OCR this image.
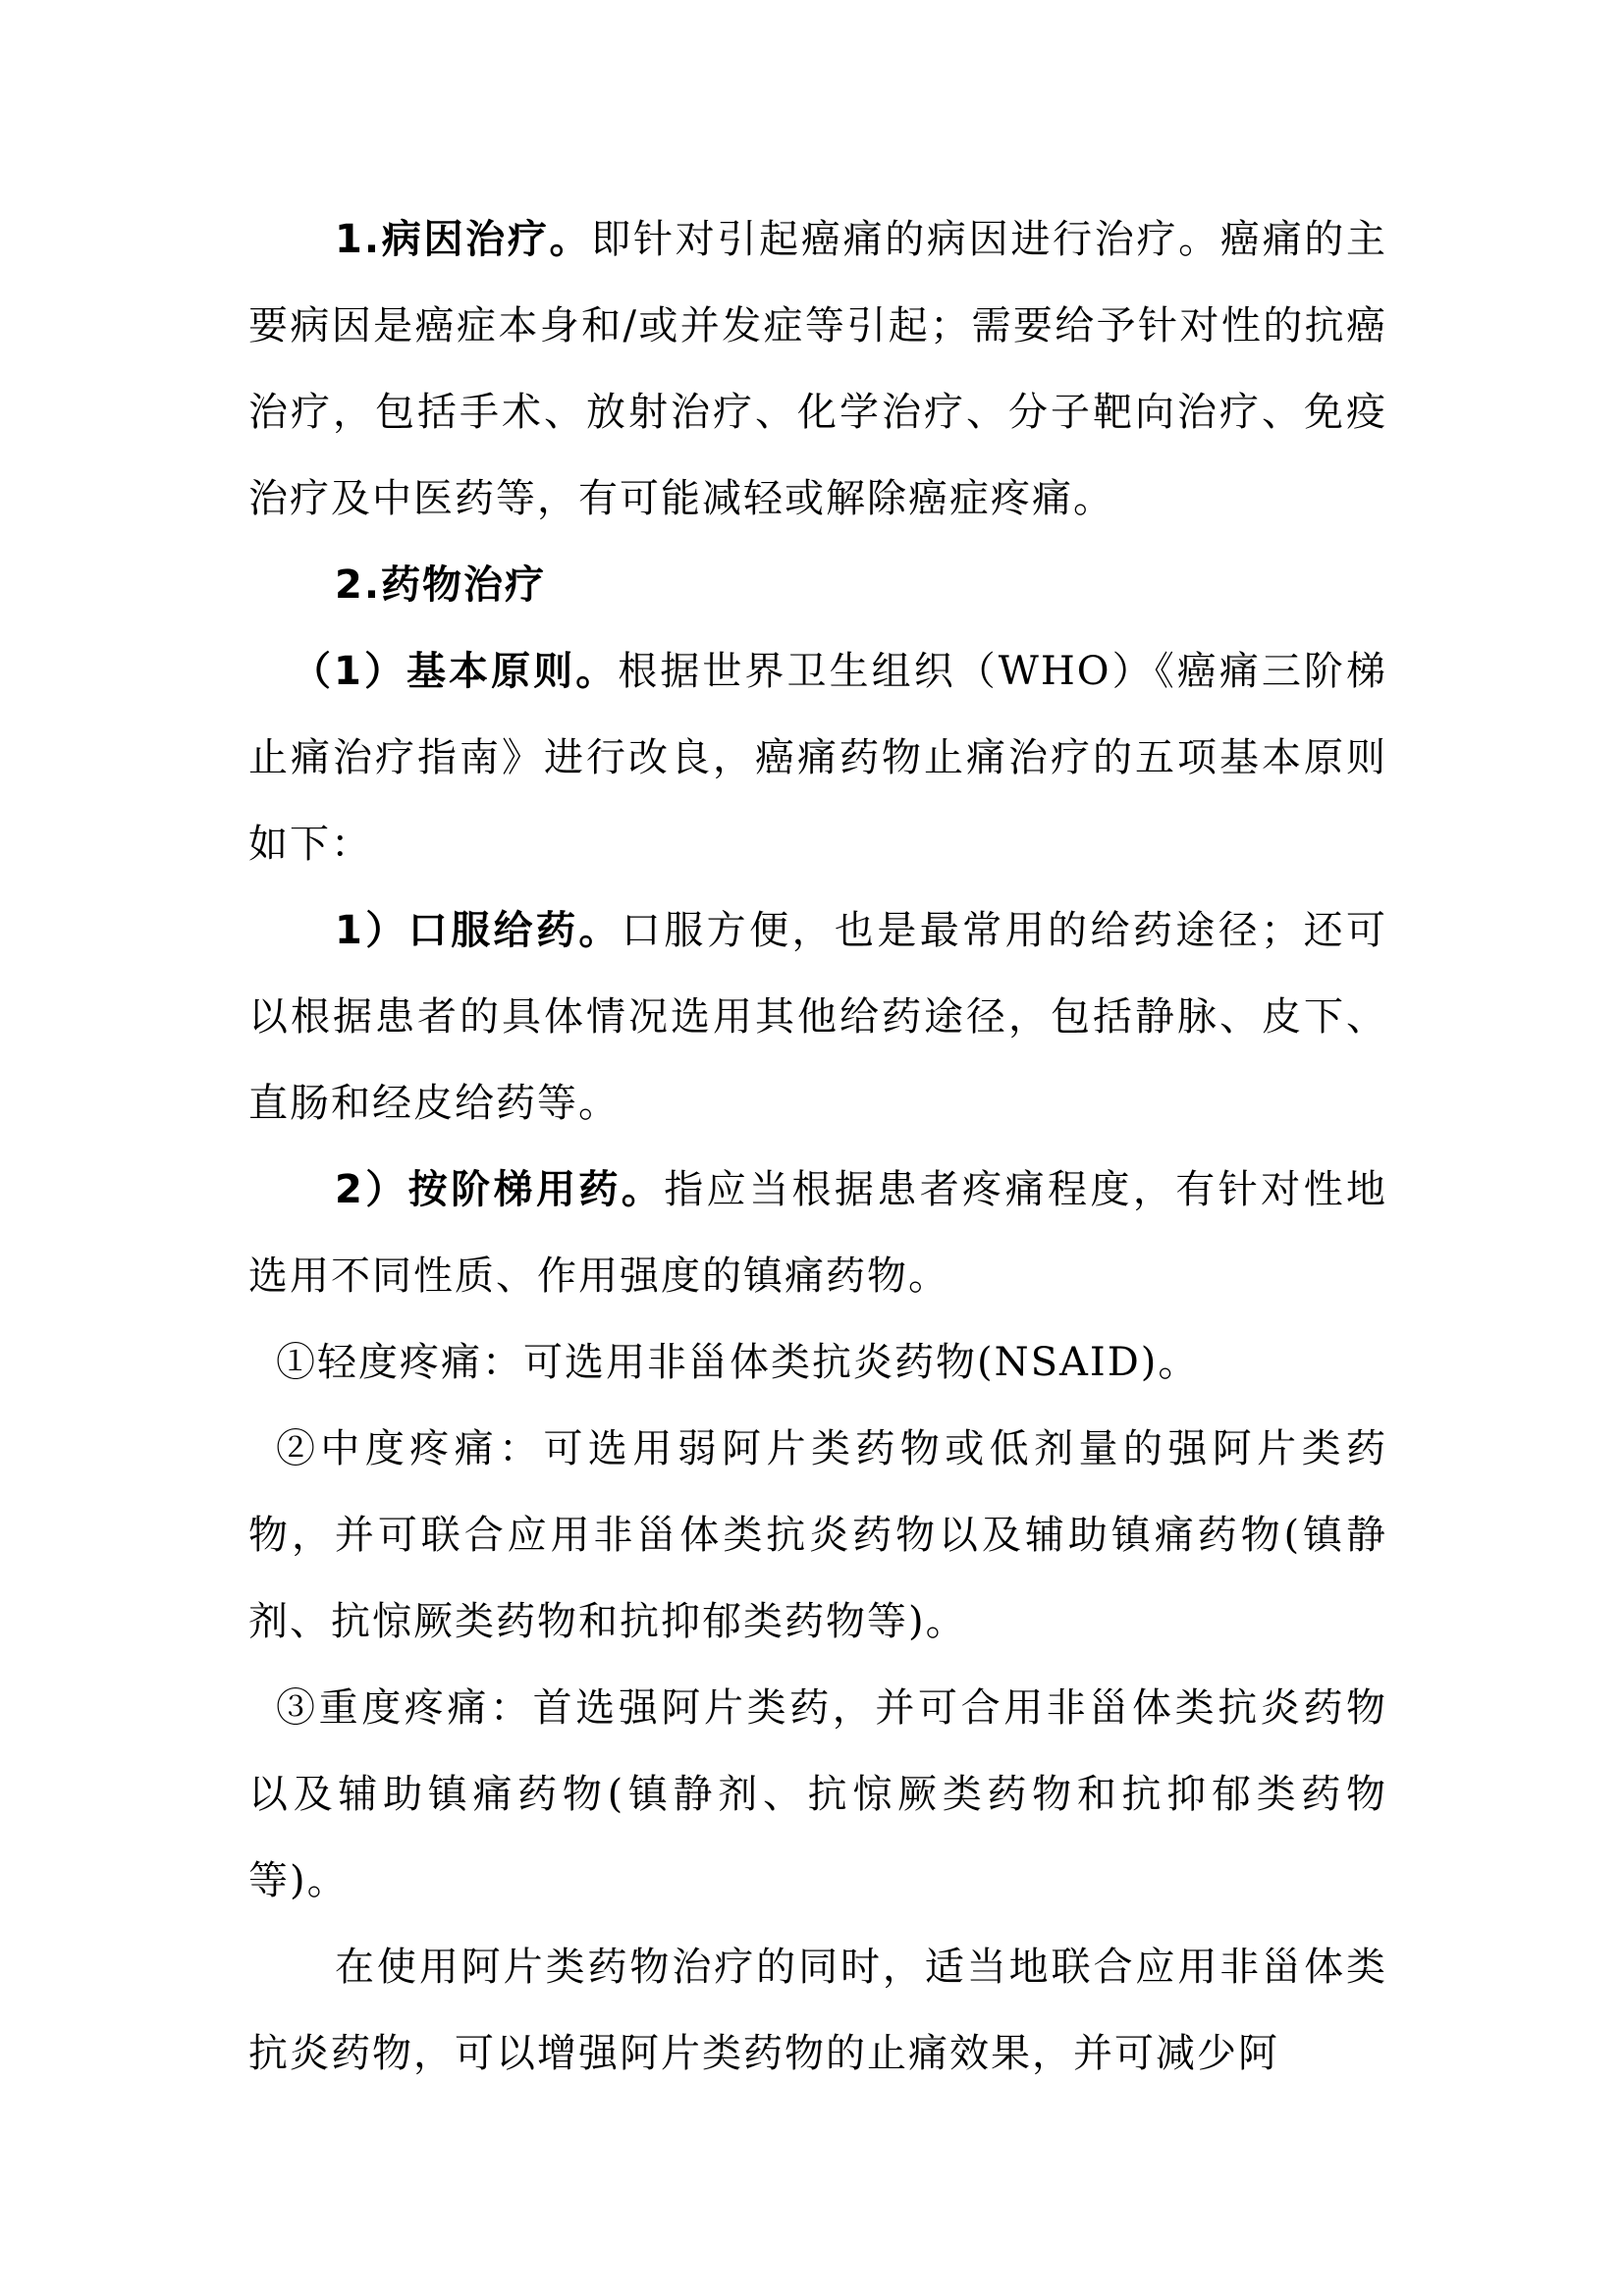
1.病因治疗。即针对引起癌痛的病因进行治疗。癌痛的主要病因是癌症本身和/或并发症等引起；需要给予针对性的抗癌治疗，包括手术、放射治疗、化学治疗、分子靶向治疗、免疫治疗及中医药等，有可能减轻或解除癌症疼痛。

2.药物治疗

（1）基本原则。根据世界卫生组织（WHO）《癌痛三阶梯止痛治疗指南》进行改良，癌痛药物止痛治疗的五项基本原则如下：

1）口服给药。口服方便，也是最常用的给药途径；还可以根据患者的具体情况选用其他给药途径，包括静脉、皮下、直肠和经皮给药等。

2）按阶梯用药。指应当根据患者疼痛程度，有针对性地选用不同性质、作用强度的镇痛药物。

①轻度疼痛：可选用非甾体类抗炎药物(NSAID)。

②中度疼痛：可选用弱阿片类药物或低剂量的强阿片类药物，并可联合应用非甾体类抗炎药物以及辅助镇痛药物(镇静剂、抗惊厥类药物和抗抑郁类药物等)。

③重度疼痛：首选强阿片类药，并可合用非甾体类抗炎药物以及辅助镇痛药物(镇静剂、抗惊厥类药物和抗抑郁类药物等)。

在使用阿片类药物治疗的同时，适当地联合应用非甾体类抗炎药物，可以增强阿片类药物的止痛效果，并可减少阿
